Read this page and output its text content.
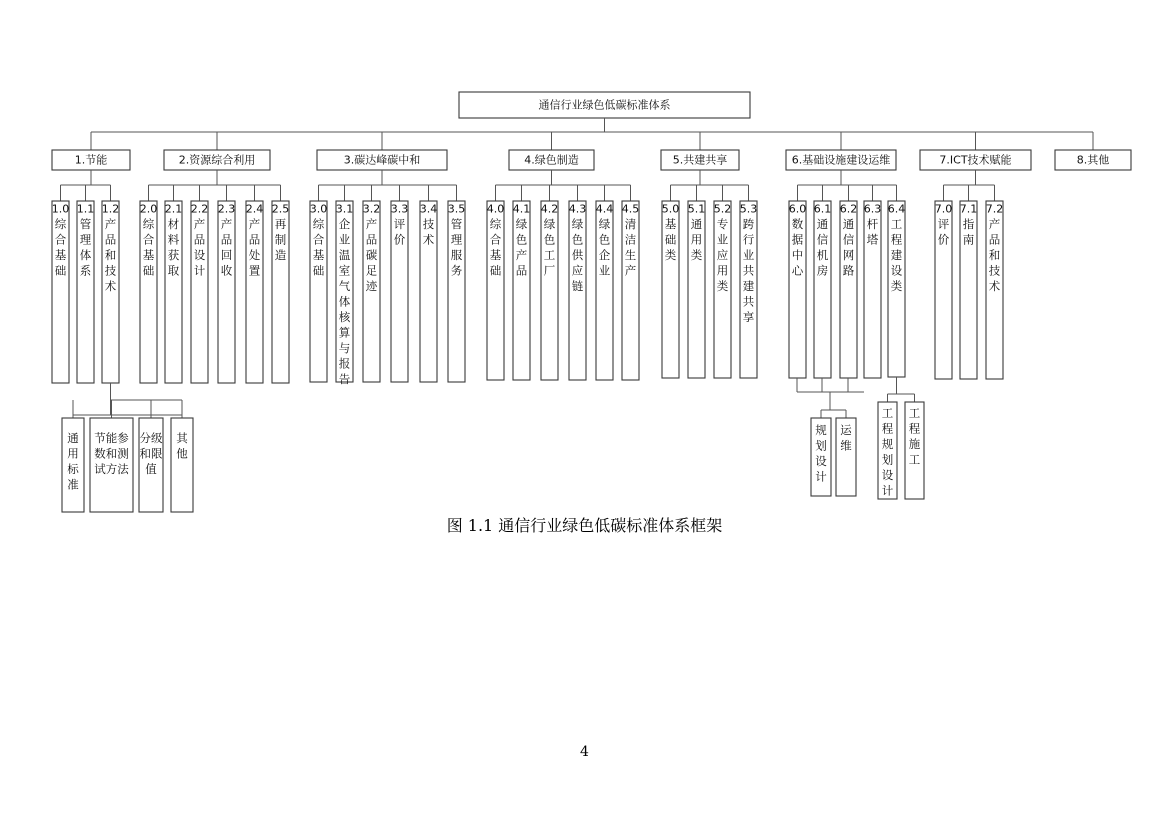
通信行业绿色低碳标准体系
1.节能
1.0
综合基础
1.1
管理体系
1.2
产品和技术
2.资源综合利用
2.0
综合基础
2.1
材料获取
2.2
产品设计
2.3
产品回收
2.4
产品处置
2.5
再制造
3.碳达峰碳中和
3.0
综合基础
3.1
企业温室气体核算与报告
3.2
产品碳足迹
3.3
评价
3.4
技术
3.5
管理服务
4.绿色制造
4.0
综合基础
4.1
绿色产品
4.2
绿色工厂
4.3
绿色供应链
4.4
绿色企业
4.5
清洁生产
5.共建共享
5.0
基础类
5.1
通用类
5.2
专业应用类
5.3
跨行业共建共享
6.基础设施建设运维
6.0
数据中心
6.1
通信机房
6.2
通信网路
6.3
杆塔
6.4
工程建设类
7.ICT技术赋能
7.0
评价
7.1
指南
7.2
产品和技术
8.其他
通用标准
节能参数和测试方法
分级和限值
其他
规划设计
运维
工程规划设计
工程施工
图 1.1 通信行业绿色低碳标准体系框架
4
